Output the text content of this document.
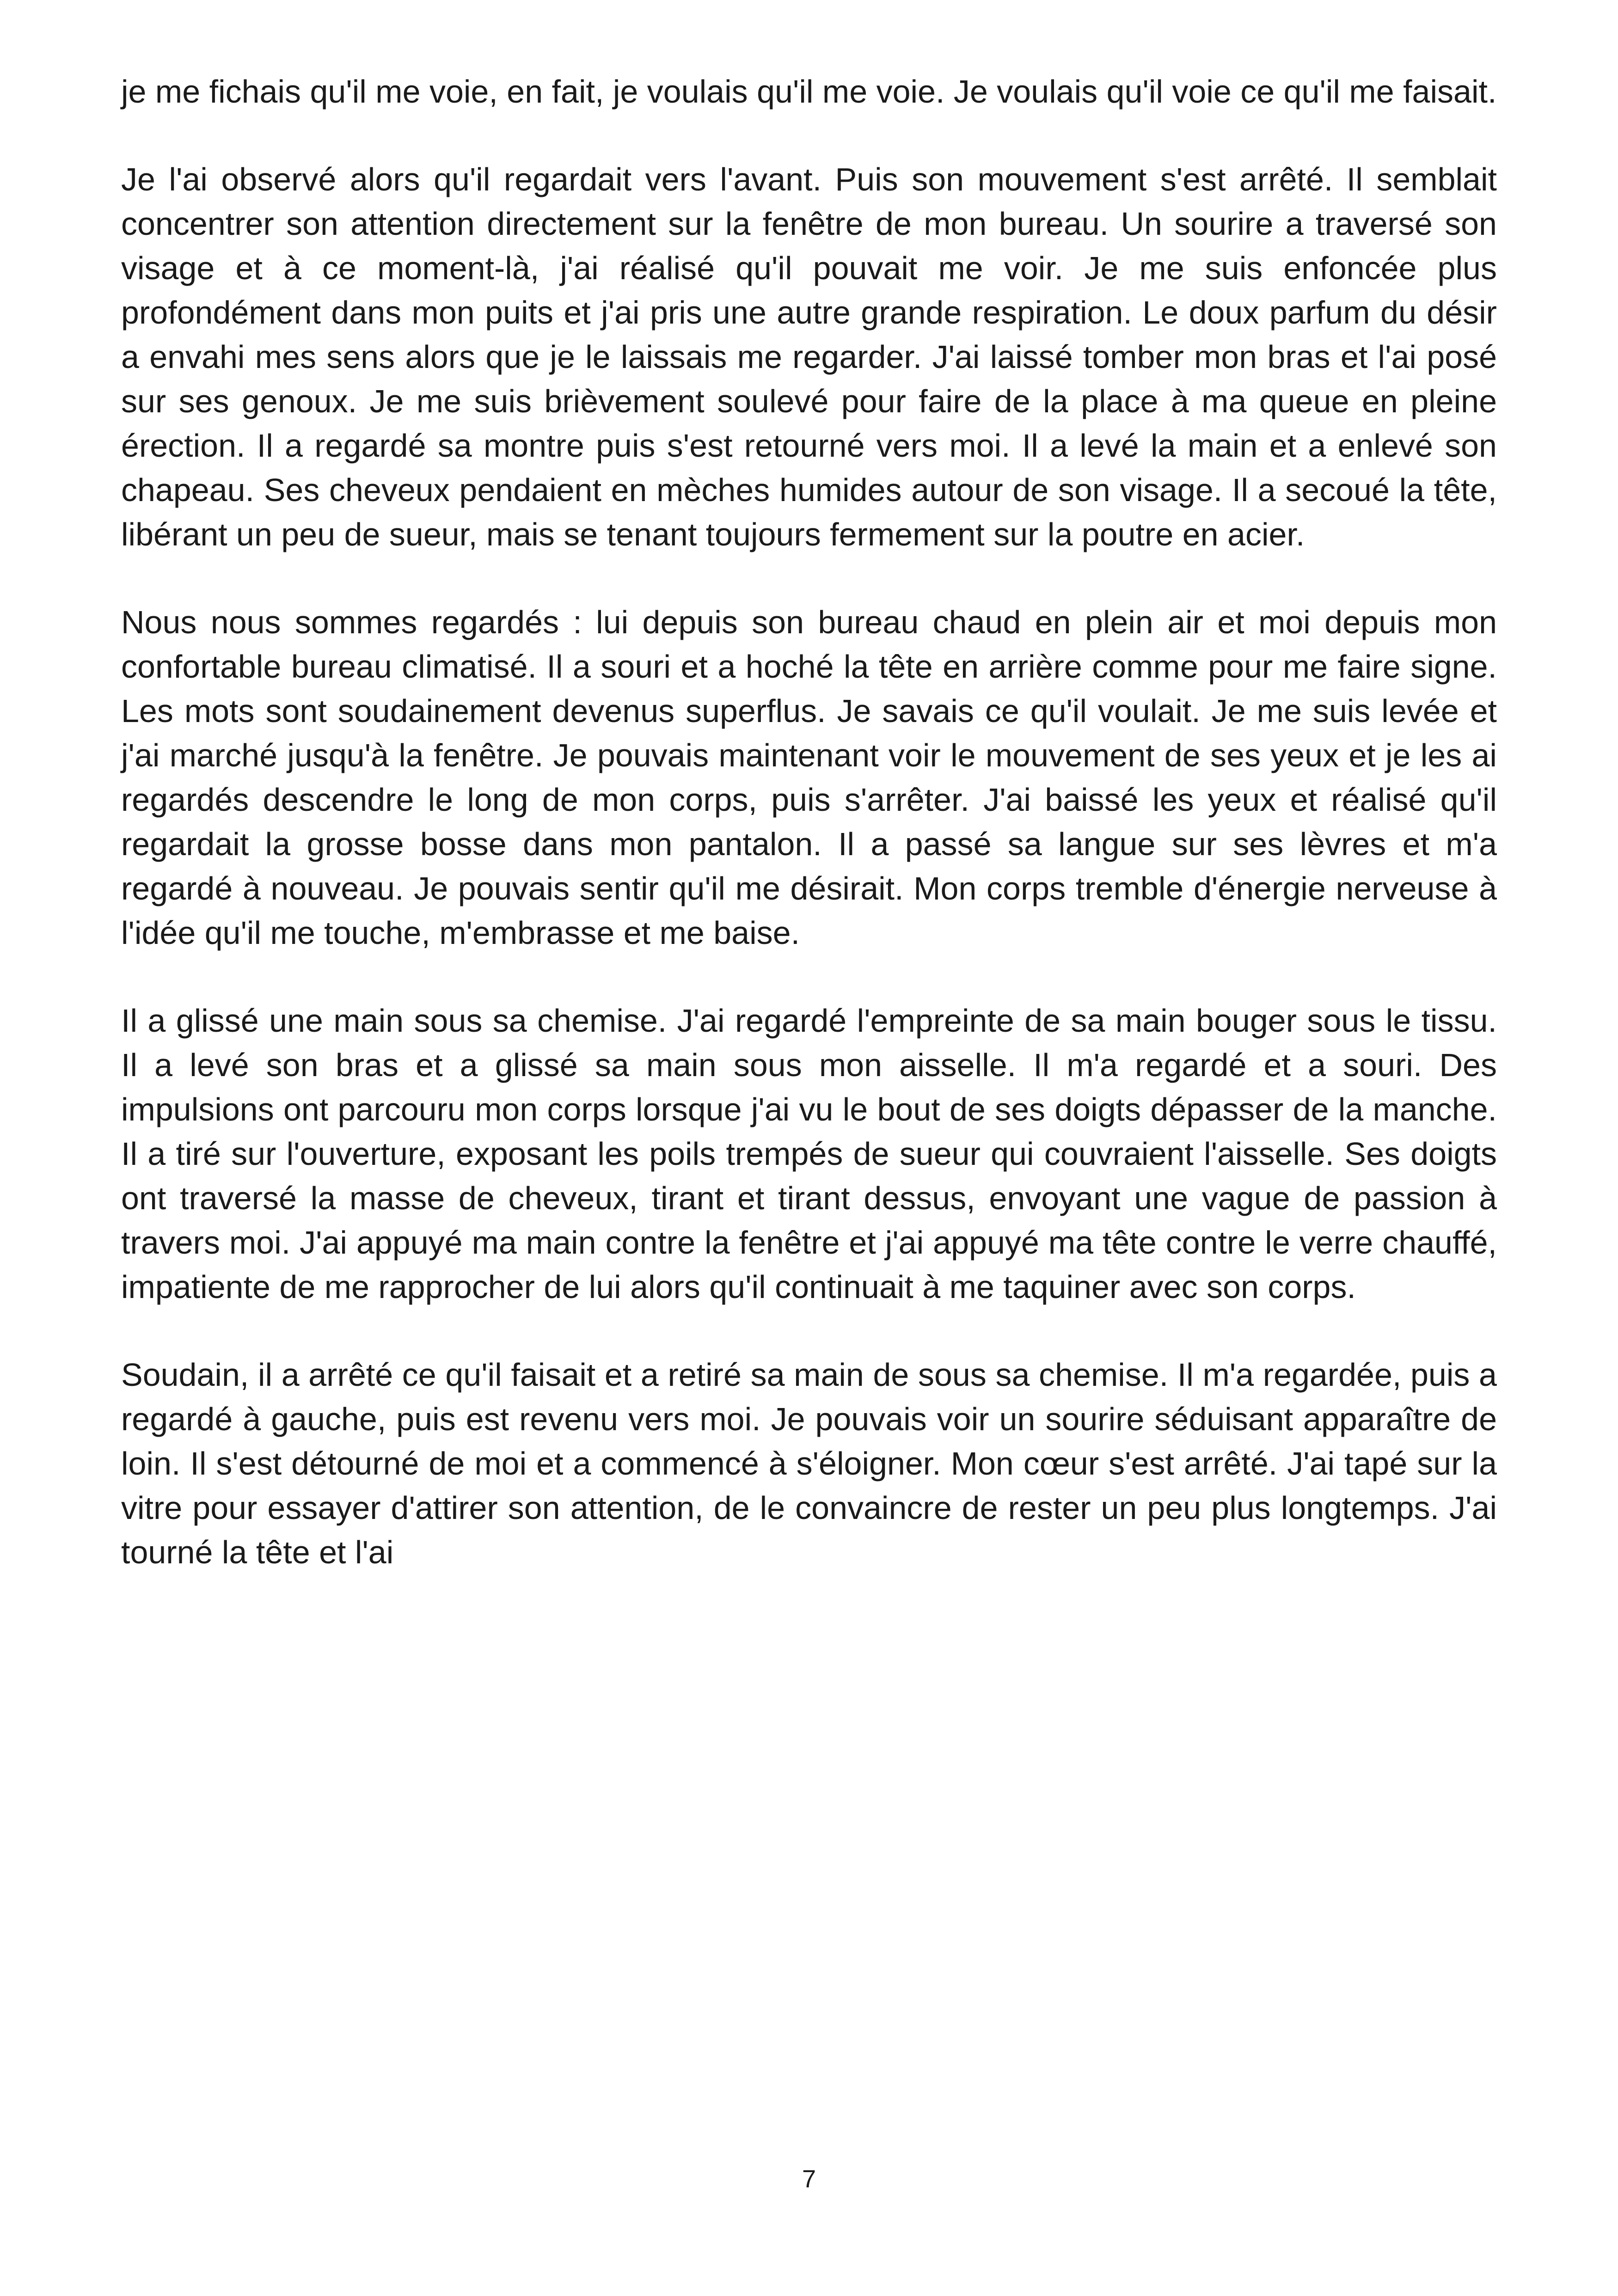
je me fichais qu'il me voie, en fait, je voulais qu'il me voie. Je voulais qu'il voie ce qu'il me faisait.

Je l'ai observé alors qu'il regardait vers l'avant. Puis son mouvement s'est arrêté. Il semblait concentrer son attention directement sur la fenêtre de mon bureau. Un sourire a traversé son visage et à ce moment-là, j'ai réalisé qu'il pouvait me voir. Je me suis enfoncée plus profondément dans mon puits et j'ai pris une autre grande respiration. Le doux parfum du désir a envahi mes sens alors que je le laissais me regarder. J'ai laissé tomber mon bras et l'ai posé sur ses genoux. Je me suis brièvement soulevé pour faire de la place à ma queue en pleine érection. Il a regardé sa montre puis s'est retourné vers moi. Il a levé la main et a enlevé son chapeau. Ses cheveux pendaient en mèches humides autour de son visage. Il a secoué la tête, libérant un peu de sueur, mais se tenant toujours fermement sur la poutre en acier.

Nous nous sommes regardés : lui depuis son bureau chaud en plein air et moi depuis mon confortable bureau climatisé. Il a souri et a hoché la tête en arrière comme pour me faire signe. Les mots sont soudainement devenus superflus. Je savais ce qu'il voulait. Je me suis levée et j'ai marché jusqu'à la fenêtre. Je pouvais maintenant voir le mouvement de ses yeux et je les ai regardés descendre le long de mon corps, puis s'arrêter. J'ai baissé les yeux et réalisé qu'il regardait la grosse bosse dans mon pantalon. Il a passé sa langue sur ses lèvres et m'a regardé à nouveau. Je pouvais sentir qu'il me désirait. Mon corps tremble d'énergie nerveuse à l'idée qu'il me touche, m'embrasse et me baise.

Il a glissé une main sous sa chemise. J'ai regardé l'empreinte de sa main bouger sous le tissu. Il a levé son bras et a glissé sa main sous mon aisselle. Il m'a regardé et a souri. Des impulsions ont parcouru mon corps lorsque j'ai vu le bout de ses doigts dépasser de la manche. Il a tiré sur l'ouverture, exposant les poils trempés de sueur qui couvraient l'aisselle. Ses doigts ont traversé la masse de cheveux, tirant et tirant dessus, envoyant une vague de passion à travers moi. J'ai appuyé ma main contre la fenêtre et j'ai appuyé ma tête contre le verre chauffé, impatiente de me rapprocher de lui alors qu'il continuait à me taquiner avec son corps.

Soudain, il a arrêté ce qu'il faisait et a retiré sa main de sous sa chemise. Il m'a regardée, puis a regardé à gauche, puis est revenu vers moi. Je pouvais voir un sourire séduisant apparaître de loin. Il s'est détourné de moi et a commencé à s'éloigner. Mon cœur s'est arrêté. J'ai tapé sur la vitre pour essayer d'attirer son attention, de le convaincre de rester un peu plus longtemps. J'ai tourné la tête et l'ai

7
